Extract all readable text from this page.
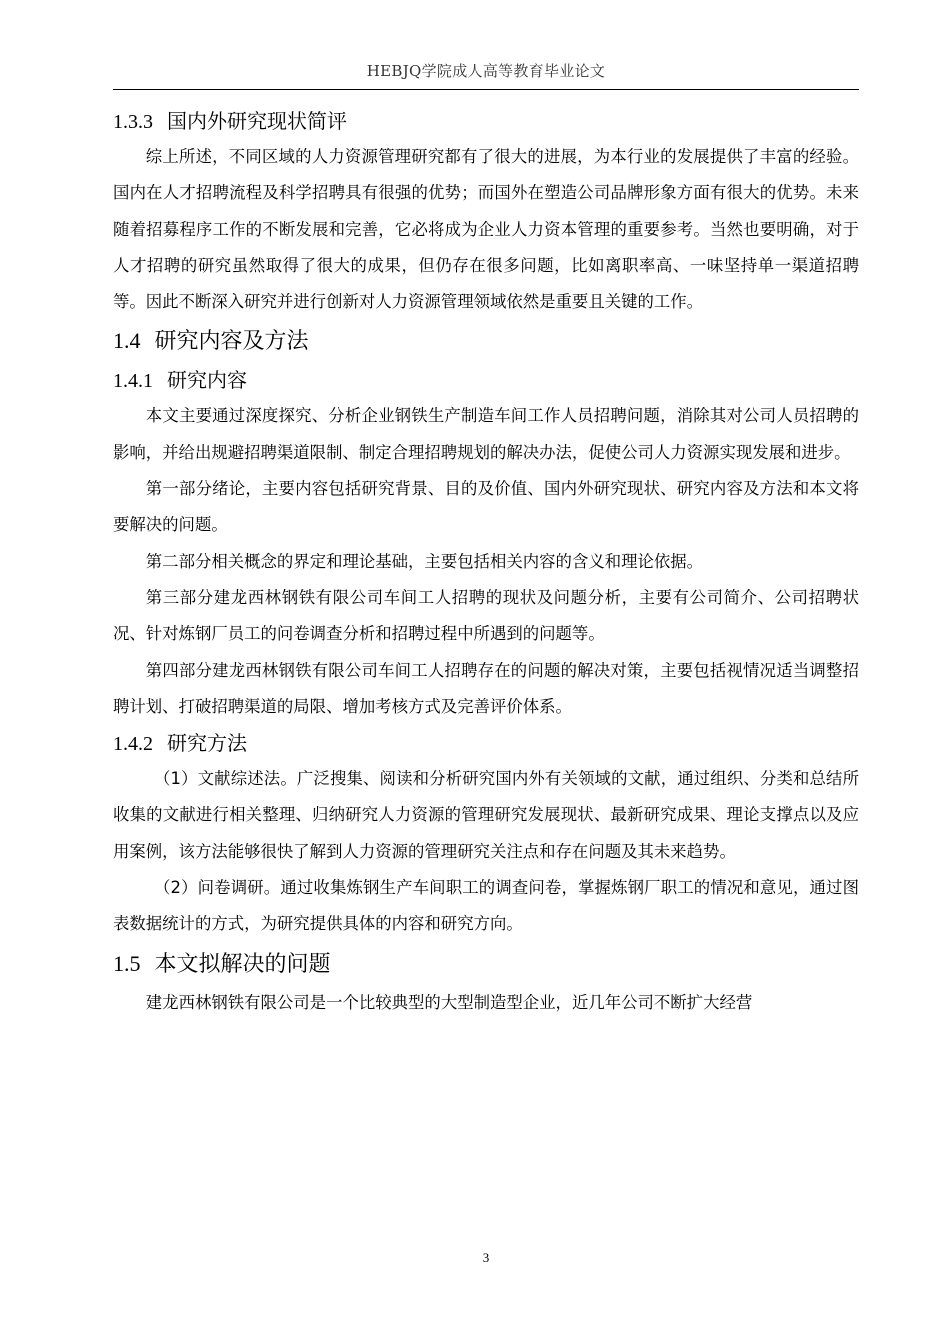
HEBJQ学院成人高等教育毕业论文
1.3.3 国内外研究现状简评

综上所述，不同区域的人力资源管理研究都有了很大的进展，为本行业的发展提供了丰富的经验。国内在人才招聘流程及科学招聘具有很强的优势；而国外在塑造公司品牌形象方面有很大的优势。未来随着招募程序工作的不断发展和完善，它必将成为企业人力资本管理的重要参考。当然也要明确，对于人才招聘的研究虽然取得了很大的成果，但仍存在很多问题，比如离职率高、一味坚持单一渠道招聘等。因此不断深入研究并进行创新对人力资源管理领域依然是重要且关键的工作。

1.4 研究内容及方法
1.4.1 研究内容

本文主要通过深度探究、分析企业钢铁生产制造车间工作人员招聘问题，消除其对公司人员招聘的影响，并给出规避招聘渠道限制、制定合理招聘规划的解决办法，促使公司人力资源实现发展和进步。

第一部分绪论，主要内容包括研究背景、目的及价值、国内外研究现状、研究内容及方法和本文将要解决的问题。

第二部分相关概念的界定和理论基础，主要包括相关内容的含义和理论依据。

第三部分建龙西林钢铁有限公司车间工人招聘的现状及问题分析，主要有公司简介、公司招聘状况、针对炼钢厂员工的问卷调查分析和招聘过程中所遇到的问题等。

第四部分建龙西林钢铁有限公司车间工人招聘存在的问题的解决对策，主要包括视情况适当调整招聘计划、打破招聘渠道的局限、增加考核方式及完善评价体系。

1.4.2 研究方法

（1）文献综述法。广泛搜集、阅读和分析研究国内外有关领域的文献，通过组织、分类和总结所收集的文献进行相关整理、归纳研究人力资源的管理研究发展现状、最新研究成果、理论支撑点以及应用案例，该方法能够很快了解到人力资源的管理研究关注点和存在问题及其未来趋势。

（2）问卷调研。通过收集炼钢生产车间职工的调查问卷，掌握炼钢厂职工的情况和意见，通过图表数据统计的方式，为研究提供具体的内容和研究方向。

1.5 本文拟解决的问题

建龙西林钢铁有限公司是一个比较典型的大型制造型企业，近几年公司不断扩大经营

3
